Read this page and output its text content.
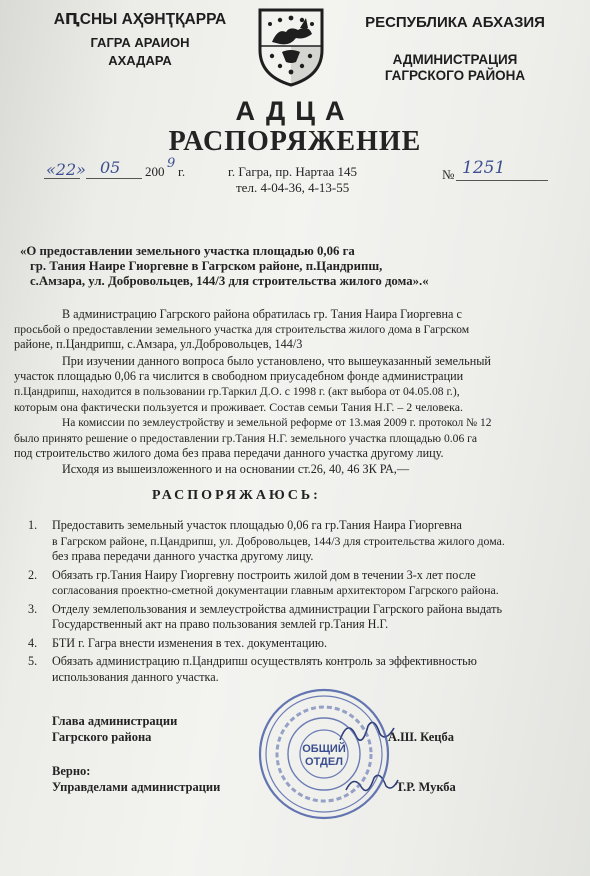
АԤСНЫ АҲӘНҬҚАРРА
ГАГРА АРАИОН
АХАДАРА
РЕСПУБЛИКА АБХАЗИЯ
АДМИНИСТРАЦИЯ
ГАГРСКОГО РАЙОНА
АДЦА
РАСПОРЯЖЕНИЕ
«22» 05 200
9
г.	г. Гагра, пр. Нартаа 145
тел. 4-04-36, 4-13-55
№ 1251
«О предоставлении земельного участка площадью 0,06 га
гр. Тания Наире Гиоргевне в Гагрском районе, п.Цандрипш,
с.Амзара, ул. Добровольцев, 144/3 для строительства жилого дома».«
В администрацию Гагрского района обратилась гр. Тания Наира Гиоргевна с
просьбой о предоставлении земельного участка для строительства жилого дома в Гагрском
районе, п.Цандрипш, с.Амзара, ул.Добровольцев, 144/3
При изучении данного вопроса было установлено, что вышеуказанный земельный
участок площадью 0,06 га числится в свободном приусадебном фонде администрации
п.Цандрипш, находится в пользовании гр.Таркил Д.О. с 1998 г. (акт выбора от 04.05.08 г.),
которым она фактически пользуется и проживает. Состав семьи Тания Н.Г. – 2 человека.
На комиссии по землеустройству и земельной реформе от 13.мая 2009 г. протокол № 12
было принято решение о предоставлении гр.Тания Н.Г. земельного участка площадью 0.06 га
под строительство жилого дома без права передачи данного участка другому лицу.
Исходя из вышеизложенного и на основании ст.26, 40, 46 ЗК РА,—
РАСПОРЯЖАЮСЬ:
1. Предоставить земельный участок площадью 0,06 га гр.Тания Наира Гиоргевна
в Гагрском районе, п.Цандрипш, ул. Добровольцев, 144/3 для строительства жилого дома.
без права передачи данного участка другому лицу.
2. Обязать гр.Тания Наиру Гиоргевну построить жилой дом в течении 3-х лет после
согласования проектно-сметной документации главным архитектором Гагрского района.
3. Отделу землепользования и землеустройства администрации Гагрского района выдать
Государственный акт на право пользования землей гр.Тания Н.Г.
4. БТИ г. Гагра внести изменения в тех. документацию.
5. Обязать администрацию п.Цандрипш осуществлять контроль за эффективностью
использования данного участка.
Глава администрации
Гагрского района	А.Ш. Кецба
Верно:
Управделами администрации	Т.Р. Мукба
ОБЩИЙ
ОТДЕЛ
